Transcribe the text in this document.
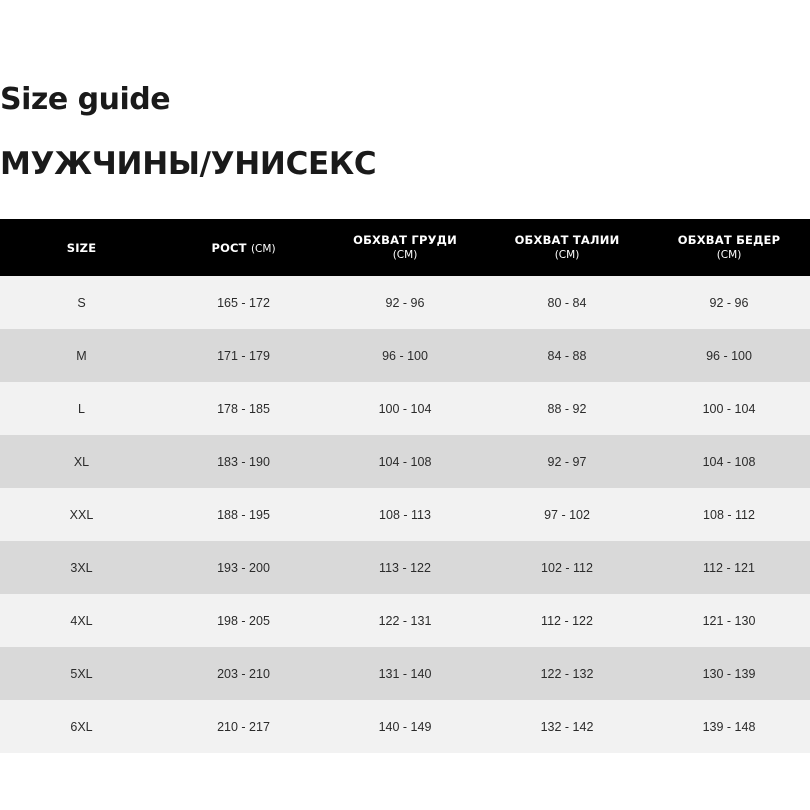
Size guide
МУЖЧИНЫ/УНИСЕКС
SIZE	РОСТ (СМ)	ОБХВАТ ГРУДИ (СМ)	ОБХВАТ ТАЛИИ (СМ)	ОБХВАТ БЕДЕР (СМ)
S	165 - 172	92 - 96	80 - 84	92 - 96
M	171 - 179	96 - 100	84 - 88	96 - 100
L	178 - 185	100 - 104	88 - 92	100 - 104
XL	183 - 190	104 - 108	92 - 97	104 - 108
XXL	188 - 195	108 - 113	97 - 102	108 - 112
3XL	193 - 200	113 - 122	102 - 112	112 - 121
4XL	198 - 205	122 - 131	112 - 122	121 - 130
5XL	203 - 210	131 - 140	122 - 132	130 - 139
6XL	210 - 217	140 - 149	132 - 142	139 - 148
